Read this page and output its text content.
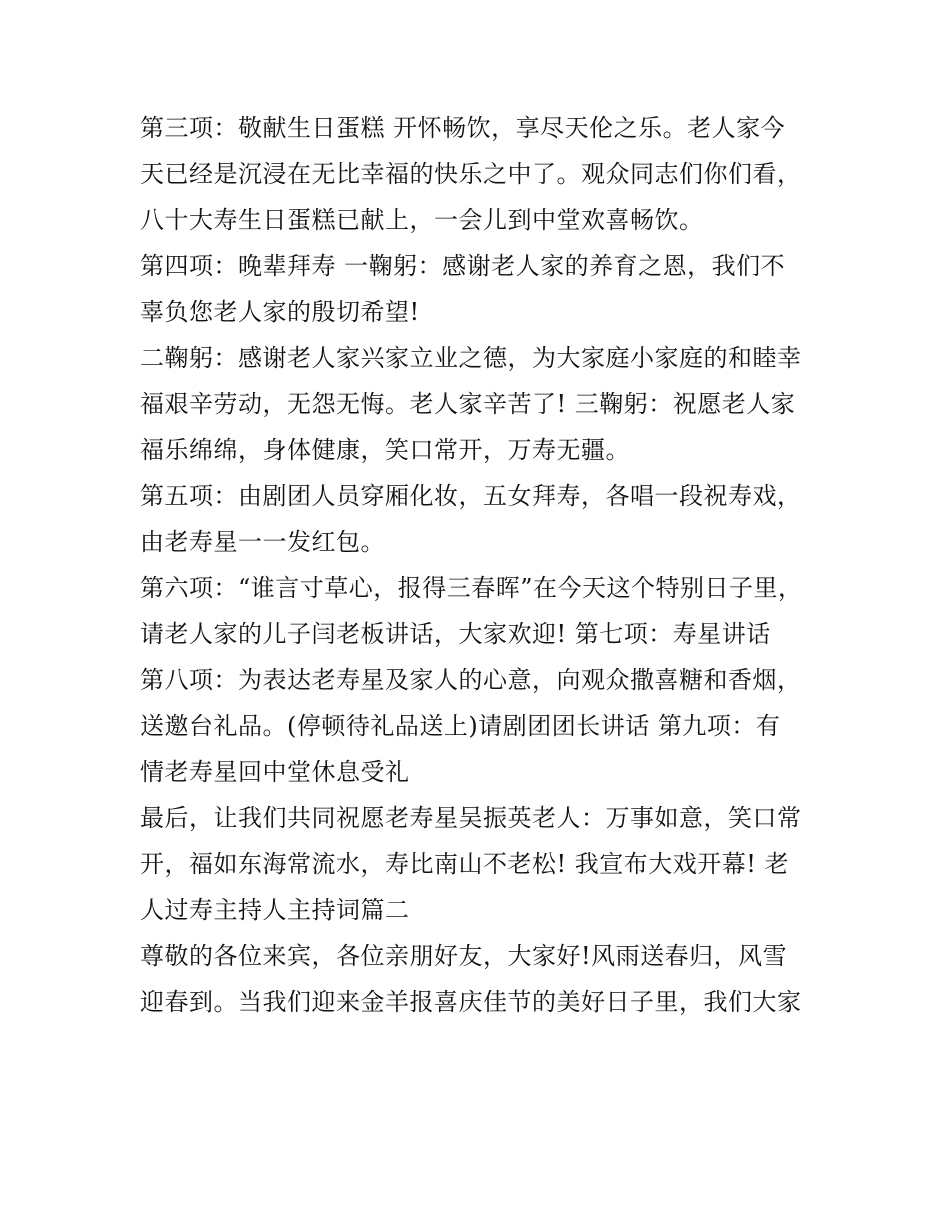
第三项：敬献生日蛋糕 开怀畅饮，享尽天伦之乐。老人家今
天已经是沉浸在无比幸福的快乐之中了。观众同志们你们看，
八十大寿生日蛋糕已献上，一会儿到中堂欢喜畅饮。
第四项：晚辈拜寿 一鞠躬：感谢老人家的养育之恩，我们不
辜负您老人家的殷切希望!
二鞠躬：感谢老人家兴家立业之德，为大家庭小家庭的和睦幸
福艰辛劳动，无怨无悔。老人家辛苦了! 三鞠躬：祝愿老人家
福乐绵绵，身体健康，笑口常开，万寿无疆。
第五项：由剧团人员穿厢化妆，五女拜寿，各唱一段祝寿戏，
由老寿星一一发红包。
第六项：“谁言寸草心，报得三春晖”在今天这个特别日子里，
请老人家的儿子闫老板讲话，大家欢迎! 第七项：寿星讲话
第八项：为表达老寿星及家人的心意，向观众撒喜糖和香烟，
送邀台礼品。(停顿待礼品送上)请剧团团长讲话 第九项：有
情老寿星回中堂休息受礼
最后，让我们共同祝愿老寿星吴振英老人：万事如意，笑口常
开，福如东海常流水，寿比南山不老松! 我宣布大戏开幕! 老
人过寿主持人主持词篇二
尊敬的各位来宾，各位亲朋好友，大家好!风雨送春归，风雪
迎春到。当我们迎来金羊报喜庆佳节的美好日子里，我们大家
